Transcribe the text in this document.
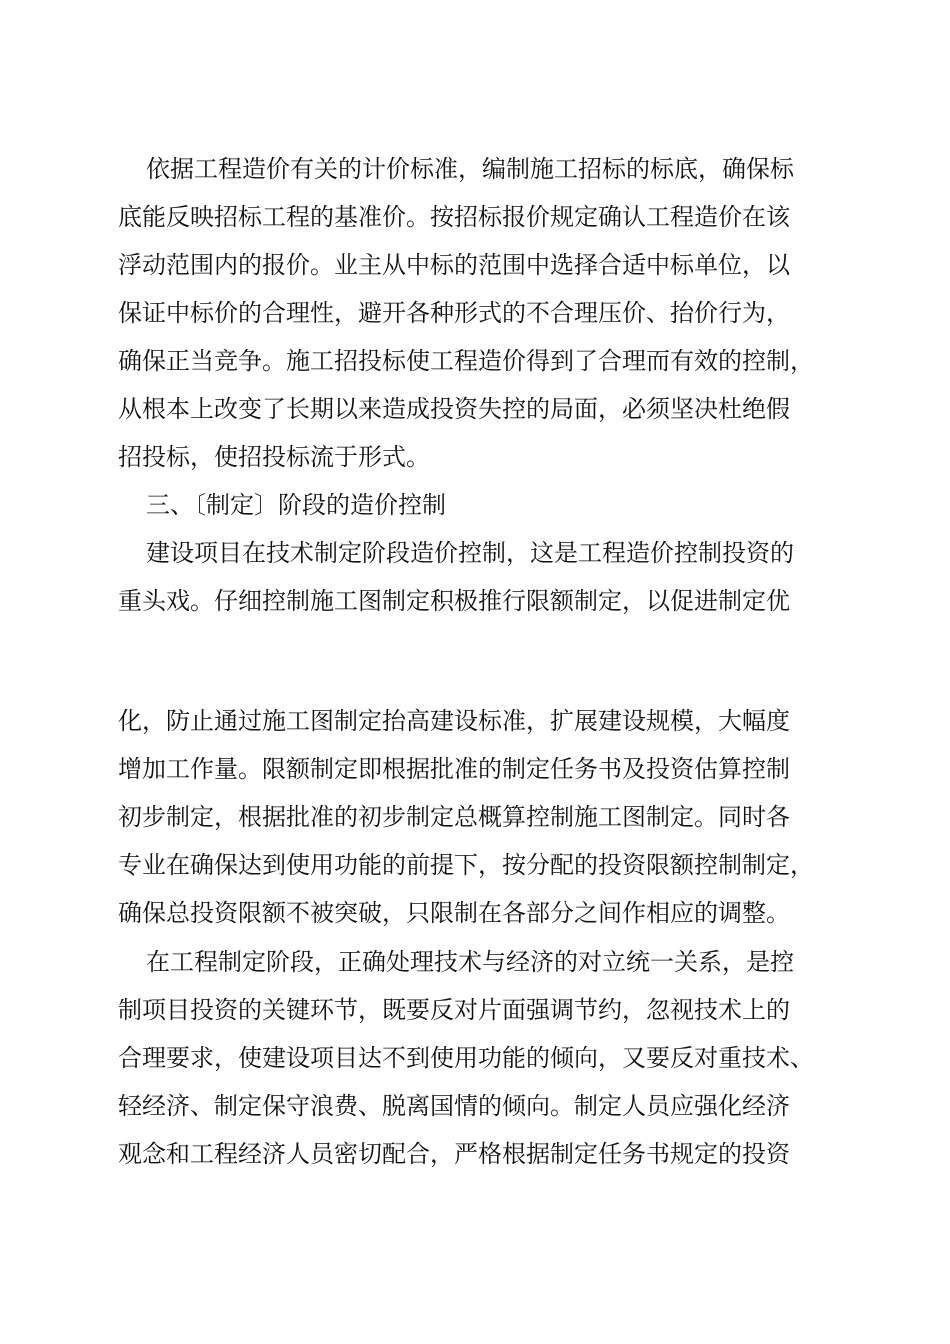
依据工程造价有关的计价标准，编制施工招标的标底，确保标
底能反映招标工程的基准价。按招标报价规定确认工程造价在该
浮动范围内的报价。业主从中标的范围中选择合适中标单位，以
保证中标价的合理性，避开各种形式的不合理压价、抬价行为，
确保正当竞争。施工招投标使工程造价得到了合理而有效的控制，
从根本上改变了长期以来造成投资失控的局面，必须坚决杜绝假
招投标，使招投标流于形式。
三、〔制定〕阶段的造价控制
建设项目在技术制定阶段造价控制，这是工程造价控制投资的
重头戏。仔细控制施工图制定积极推行限额制定，以促进制定优
化，防止通过施工图制定抬高建设标准，扩展建设规模，大幅度
增加工作量。限额制定即根据批准的制定任务书及投资估算控制
初步制定，根据批准的初步制定总概算控制施工图制定。同时各
专业在确保达到使用功能的前提下，按分配的投资限额控制制定，
确保总投资限额不被突破，只限制在各部分之间作相应的调整。
在工程制定阶段，正确处理技术与经济的对立统一关系，是控
制项目投资的关键环节，既要反对片面强调节约，忽视技术上的
合理要求，使建设项目达不到使用功能的倾向，又要反对重技术、
轻经济、制定保守浪费、脱离国情的倾向。制定人员应强化经济
观念和工程经济人员密切配合，严格根据制定任务书规定的投资
